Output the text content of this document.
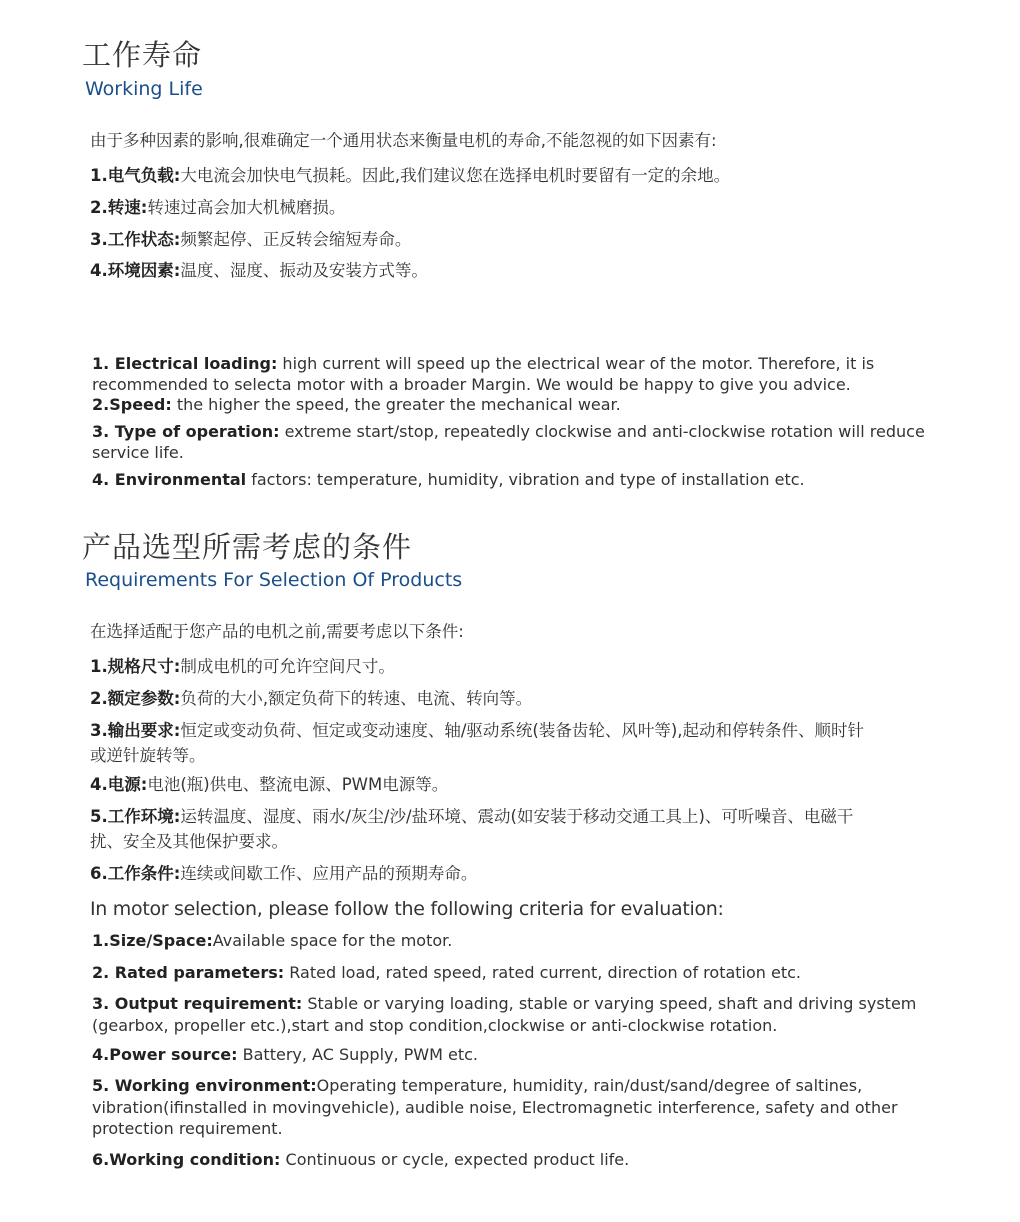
工作寿命
Working Life
由于多种因素的影响,很难确定一个通用状态来衡量电机的寿命,不能忽视的如下因素有:
1.电气负载:大电流会加快电气损耗。因此,我们建议您在选择电机时要留有一定的余地。
2.转速:转速过高会加大机械磨损。
3.工作状态:频繁起停、正反转会缩短寿命。
4.环境因素:温度、湿度、振动及安装方式等。
1. Electrical loading: high current will speed up the electrical wear of the motor. Therefore, it is
recommended to selecta motor with a broader Margin. We would be happy to give you advice.
2.Speed: the higher the speed, the greater the mechanical wear.
3. Type of operation: extreme start/stop, repeatedly clockwise and anti-clockwise rotation will reduce
service life.
4. Environmental factors: temperature, humidity, vibration and type of installation etc.
产品选型所需考虑的条件
Requirements For Selection Of Products
在选择适配于您产品的电机之前,需要考虑以下条件:
1.规格尺寸:制成电机的可允许空间尺寸。
2.额定参数:负荷的大小,额定负荷下的转速、电流、转向等。
3.输出要求:恒定或变动负荷、恒定或变动速度、轴/驱动系统(装备齿轮、风叶等),起动和停转条件、顺时针
或逆针旋转等。
4.电源:电池(瓶)供电、整流电源、PWM电源等。
5.工作环境:运转温度、湿度、雨水/灰尘/沙/盐环境、震动(如安装于移动交通工具上)、可听噪音、电磁干
扰、安全及其他保护要求。
6.工作条件:连续或间歇工作、应用产品的预期寿命。
In motor selection, please follow the following criteria for evaluation:
1.Size/Space:Available space for the motor.
2. Rated parameters: Rated load, rated speed, rated current, direction of rotation etc.
3. Output requirement: Stable or varying loading, stable or varying speed, shaft and driving system
(gearbox, propeller etc.),start and stop condition,clockwise or anti-clockwise rotation.
4.Power source: Battery, AC Supply, PWM etc.
5. Working environment:Operating temperature, humidity, rain/dust/sand/degree of saltines,
vibration(ifinstalled in movingvehicle), audible noise, Electromagnetic interference, safety and other
protection requirement.
6.Working condition: Continuous or cycle, expected product life.
